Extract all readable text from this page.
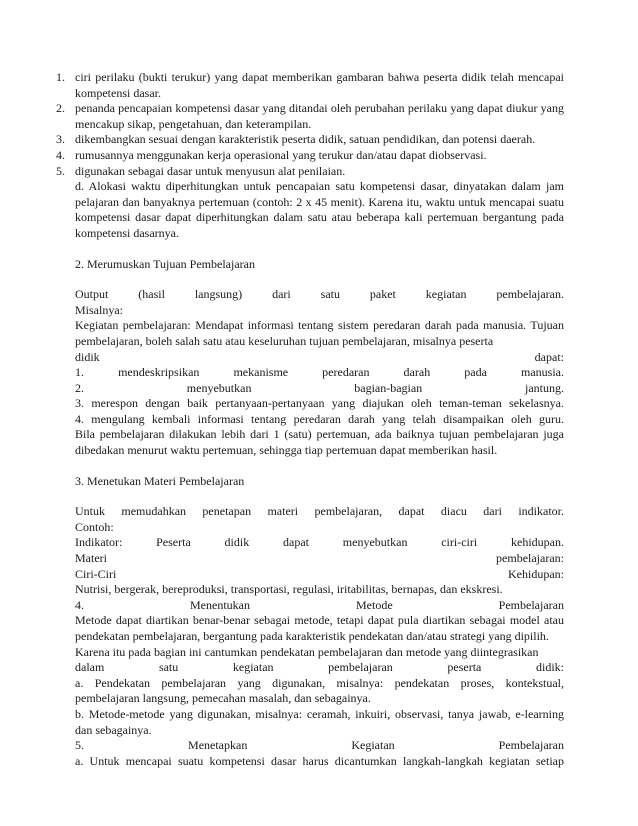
1. ciri perilaku (bukti terukur) yang dapat memberikan gambaran bahwa peserta didik telah mencapai kompetensi dasar.
2. penanda pencapaian kompetensi dasar yang ditandai oleh perubahan perilaku yang dapat diukur yang mencakup sikap, pengetahuan, dan keterampilan.
3. dikembangkan sesuai dengan karakteristik peserta didik, satuan pendidikan, dan potensi daerah.
4. rumusannya menggunakan kerja operasional yang terukur dan/atau dapat diobservasi.
5. digunakan sebagai dasar untuk menyusun alat penilaian.

d. Alokasi waktu diperhitungkan untuk pencapaian satu kompetensi dasar, dinyatakan dalam jam pelajaran dan banyaknya pertemuan (contoh: 2 x 45 menit). Karena itu, waktu untuk mencapai suatu kompetensi dasar dapat diperhitungkan dalam satu atau beberapa kali pertemuan bergantung pada kompetensi dasarnya.

2. Merumuskan Tujuan Pembelajaran

Output (hasil langsung) dari satu paket kegiatan pembelajaran.

Misalnya:

Kegiatan pembelajaran: Mendapat informasi tentang sistem peredaran darah pada manusia. Tujuan pembelajaran, boleh salah satu atau keseluruhan tujuan pembelajaran, misalnya peserta

didik	dapat:

1. mendeskripsikan mekanisme peredaran darah pada manusia.

2. menyebutkan bagian-bagian jantung.

3. merespon dengan baik pertanyaan-pertanyaan yang diajukan oleh teman-teman sekelasnya.

4. mengulang kembali informasi tentang peredaran darah yang telah disampaikan oleh guru.

Bila pembelajaran dilakukan lebih dari 1 (satu) pertemuan, ada baiknya tujuan pembelajaran juga dibedakan menurut waktu pertemuan, sehingga tiap pertemuan dapat memberikan hasil.

3. Menetukan Materi Pembelajaran

Untuk memudahkan penetapan materi pembelajaran, dapat diacu dari indikator.

Contoh:

Indikator: Peserta didik dapat menyebutkan ciri-ciri kehidupan.

Materi	pembelajaran:

Ciri-Ciri	Kehidupan:

Nutrisi, bergerak, bereproduksi, transportasi, regulasi, iritabilitas, bernapas, dan ekskresi.

4. Menentukan Metode Pembelajaran

Metode dapat diartikan benar-benar sebagai metode, tetapi dapat pula diartikan sebagai model atau pendekatan pembelajaran, bergantung pada karakteristik pendekatan dan/atau strategi yang dipilih.

Karena itu pada bagian ini cantumkan pendekatan pembelajaran dan metode yang diintegrasikan

dalam satu kegiatan pembelajaran peserta didik:

a. Pendekatan pembelajaran yang digunakan, misalnya: pendekatan proses, kontekstual, pembelajaran langsung, pemecahan masalah, dan sebagainya.

b. Metode-metode yang digunakan, misalnya: ceramah, inkuiri, observasi, tanya jawab, e-learning dan sebagainya.

5. Menetapkan Kegiatan Pembelajaran

a. Untuk mencapai suatu kompetensi dasar harus dicantumkan langkah-langkah kegiatan setiap
